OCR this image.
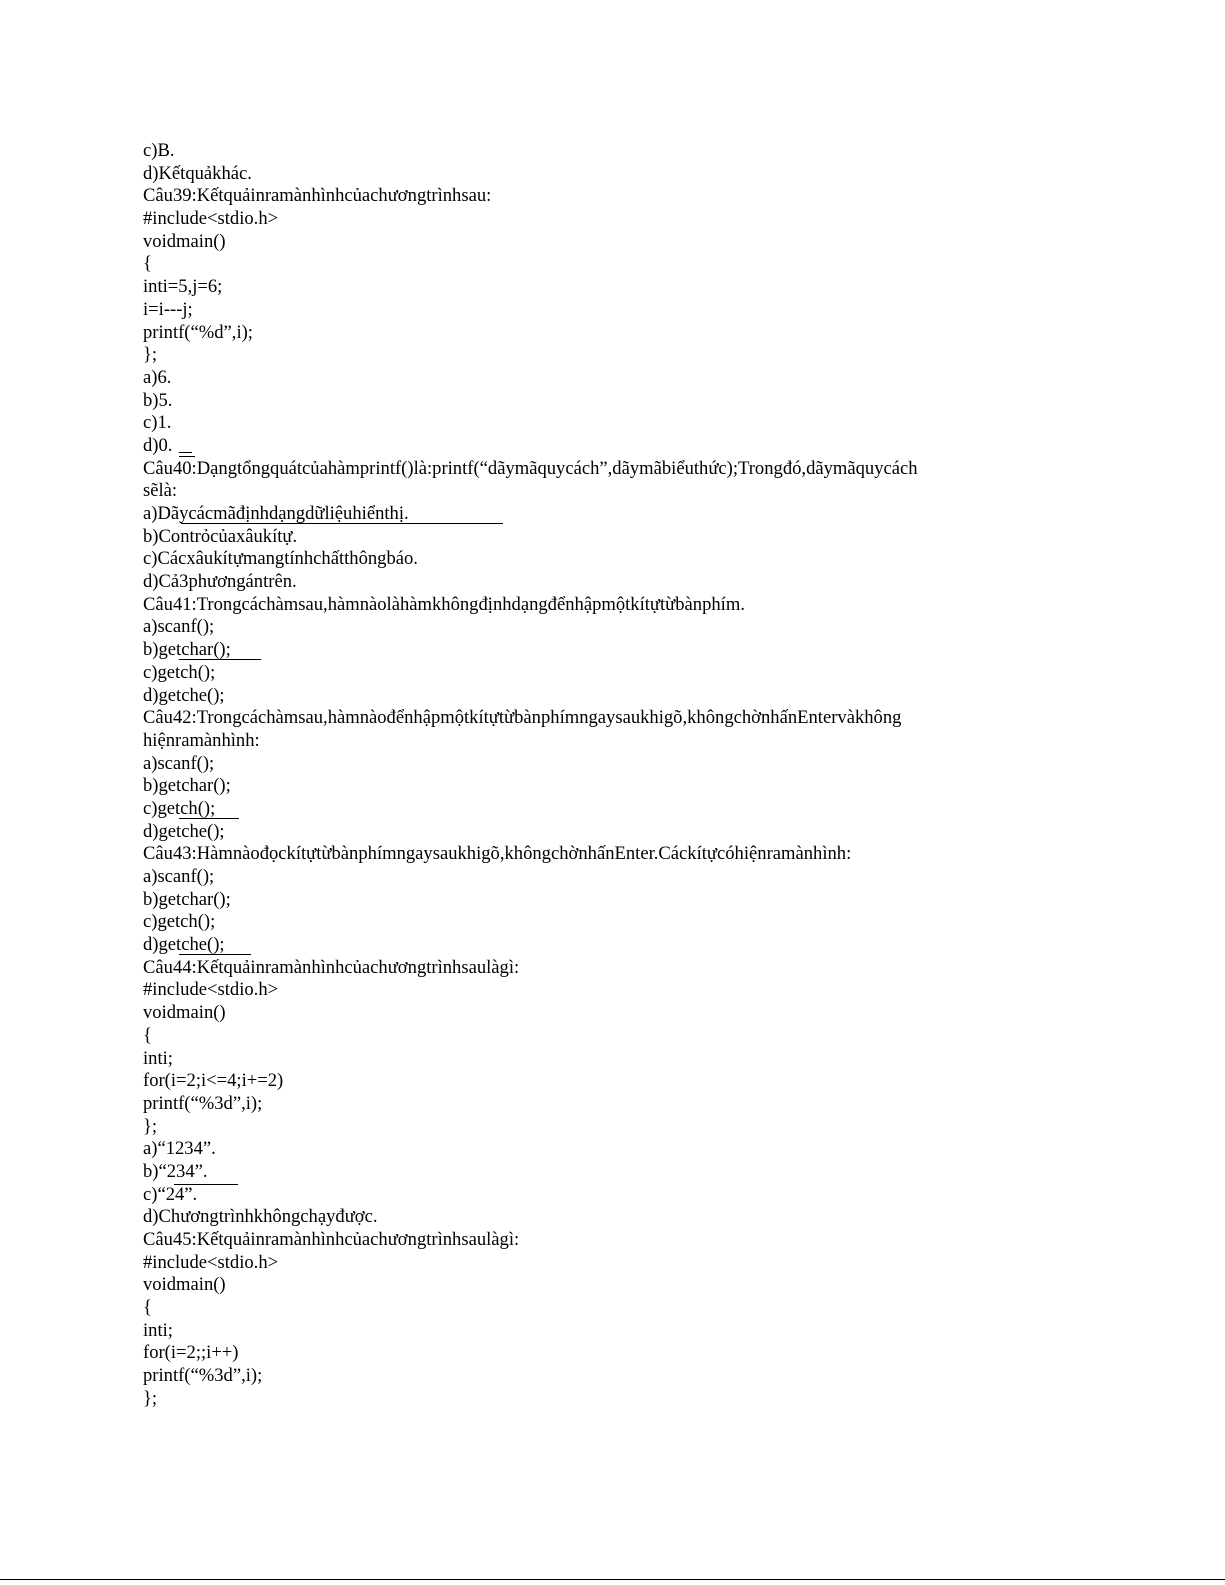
c)B.
d)Kếtquảkhác.
Câu39:Kếtquảinramànhìnhcủachươngtrìnhsau:
#include<stdio.h>
voidmain()
{
inti=5,j=6;
i=i---j;
printf(“%d”,i);
};
a)6.
b)5.
c)1.
d)0.
Câu40:Dạngtổngquátcủahàmprintf()là:printf(“dãymãquycách”,dãymãbiểuthức);Trongđó,dãymãquycách
sẽlà:
a)Dãycácmãđịnhdạngdữliệuhiểnthị.
b)Contrỏcủaxâukítự.
c)Cácxâukítựmangtínhchấtthôngbáo.
d)Cả3phươngántrên.
Câu41:Trongcáchàmsau,hàmnàolàhàmkhôngđịnhdạngđểnhậpmộtkítựtừbànphím.
a)scanf();
b)getchar();
c)getch();
d)getche();
Câu42:Trongcáchàmsau,hàmnàođểnhậpmộtkítựtừbànphímngaysaukhigõ,khôngchờnhấnEntervàkhông
hiệnramànhình:
a)scanf();
b)getchar();
c)getch();
d)getche();
Câu43:Hàmnàođọckítựtừbànphímngaysaukhigõ,khôngchờnhấnEnter.Cáckítựcóhiệnramànhình:
a)scanf();
b)getchar();
c)getch();
d)getche();
Câu44:Kếtquảinramànhìnhcủachươngtrìnhsaulàgì:
#include<stdio.h>
voidmain()
{
inti;
for(i=2;i<=4;i+=2)
printf(“%3d”,i);
};
a)“1234”.
b)“234”.
c)“24”.
d)Chươngtrìnhkhôngchạyđược.
Câu45:Kếtquảinramànhìnhcủachươngtrìnhsaulàgì:
#include<stdio.h>
voidmain()
{
inti;
for(i=2;;i++)
printf(“%3d”,i);
};
